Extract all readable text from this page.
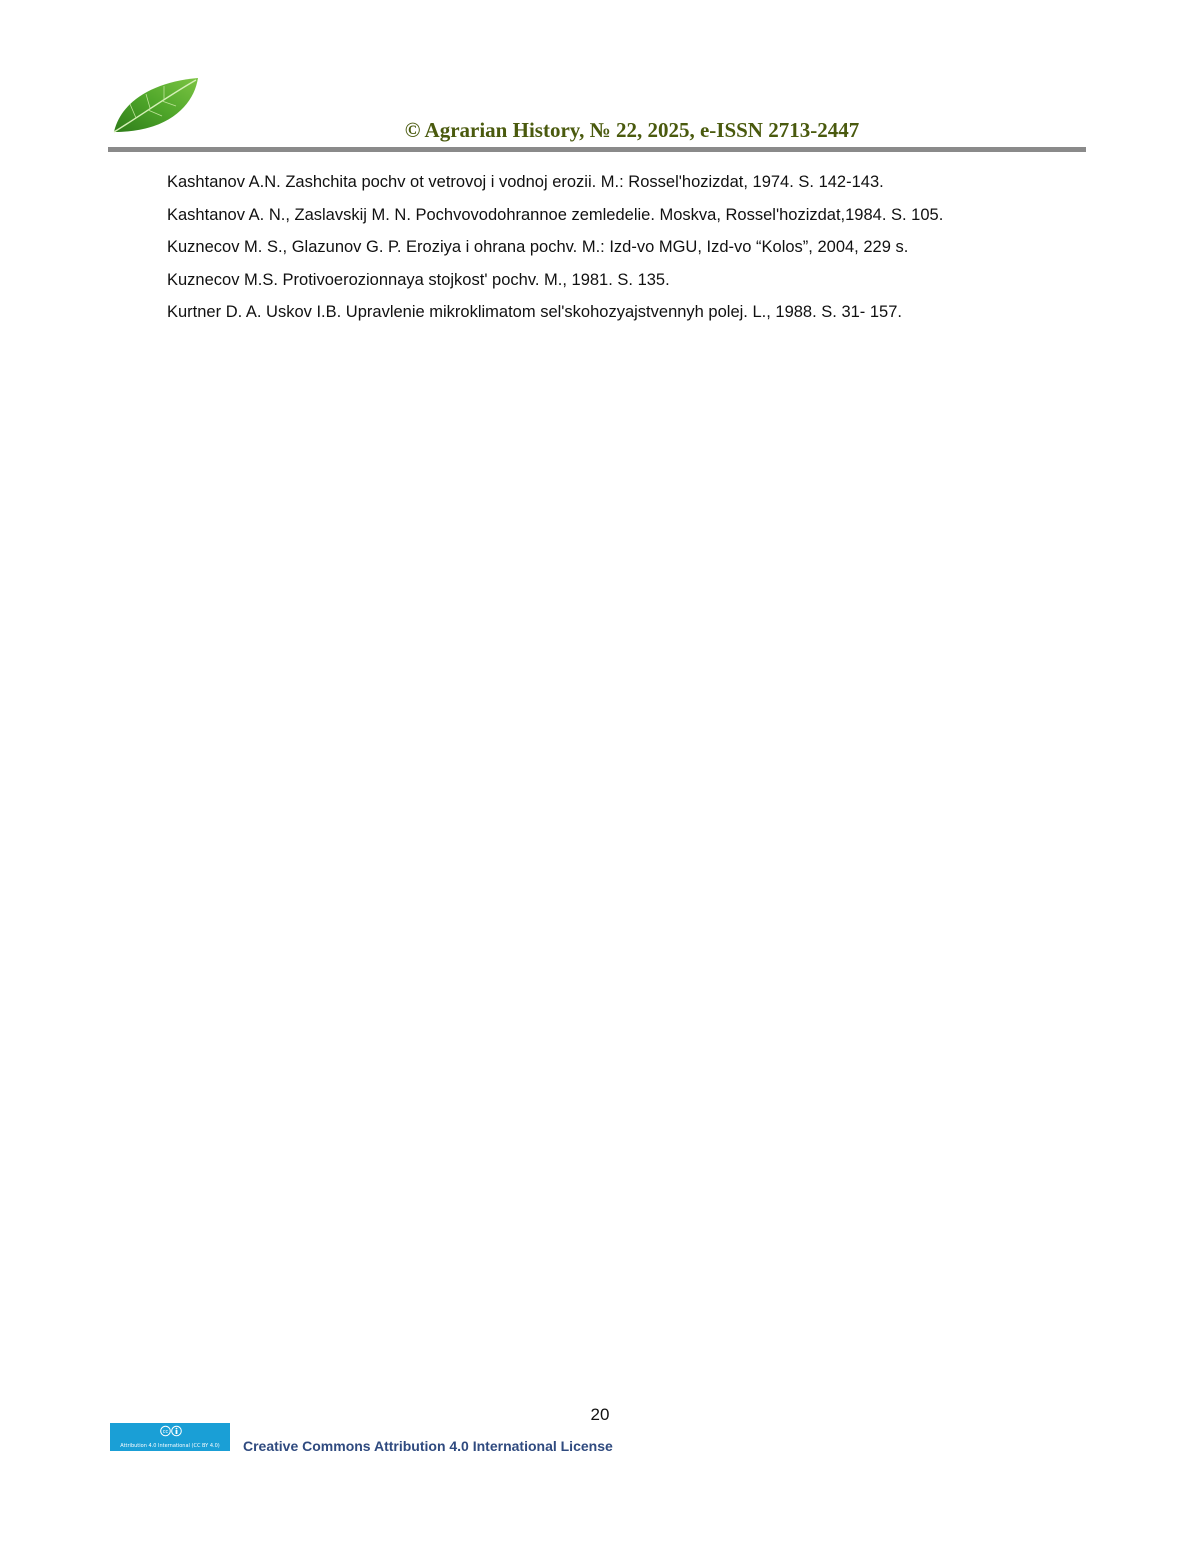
© Agrarian History, № 22, 2025, e-ISSN 2713-2447

Kashtanov A.N. Zashchita pochv ot vetrovoj i vodnoj erozii. M.: Rossel'hozizdat, 1974. S. 142-143.

Kashtanov A. N., Zaslavskij M. N. Pochvovodohrannoe zemledelie. Moskva, Rossel'hozizdat,1984. S. 105.

Kuznecov M. S., Glazunov G. P. Eroziya i ohrana pochv. M.: Izd-vo MGU, Izd-vo “Kolos”, 2004, 229 s.

Kuznecov M.S. Protivoerozionnaya stojkost' pochv. M., 1981. S. 135.

Kurtner D. A. Uskov I.B. Upravlenie mikroklimatom sel'skohozyajstvennyh polej. L., 1988. S. 31- 157.

20
cc
Attribution 4.0 International (CC BY 4.0)	Creative Commons Attribution 4.0 International License
